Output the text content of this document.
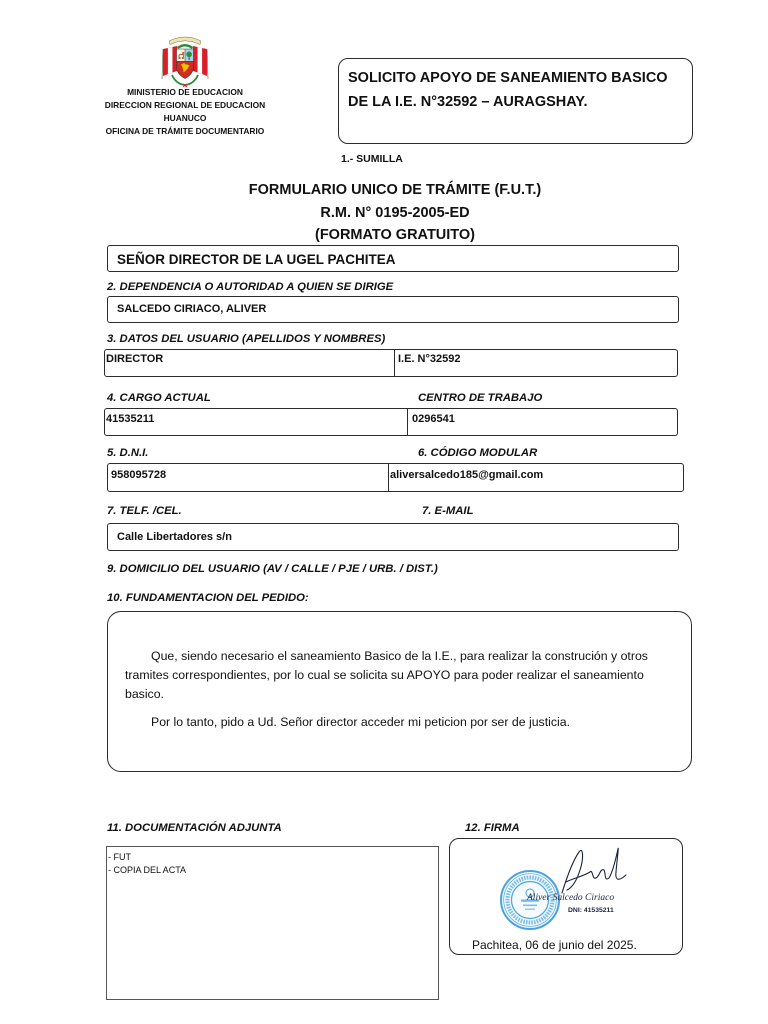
MINISTERIO DE EDUCACION
DIRECCION REGIONAL DE EDUCACION
HUANUCO
OFICINA DE TRÁMITE DOCUMENTARIO
SOLICITO APOYO DE SANEAMIENTO BASICO
DE LA I.E. N°32592 – AURAGSHAY.
1.- SUMILLA
FORMULARIO UNICO DE TRÁMITE (F.U.T.)
R.M. N° 0195-2005-ED
(FORMATO GRATUITO)
SEÑOR DIRECTOR DE LA UGEL PACHITEA
2. DEPENDENCIA O AUTORIDAD A QUIEN SE DIRIGE
SALCEDO CIRIACO, ALIVER
3. DATOS DEL USUARIO (APELLIDOS Y NOMBRES)
DIRECTOR	I.E. N°32592
4. CARGO ACTUAL	CENTRO DE TRABAJO
41535211	0296541
5. D.N.I.	6. CÓDIGO MODULAR
958095728	aliversalcedo185@gmail.com
7. TELF. /CEL.	7. E-MAIL
Calle Libertadores s/n
9. DOMICILIO DEL USUARIO (AV / CALLE / PJE / URB. / DIST.)
10. FUNDAMENTACION DEL PEDIDO:
Que, siendo necesario el saneamiento Basico de la I.E., para realizar la construción y otros
tramites correspondientes, por lo cual se solicita su APOYO para poder realizar el saneamiento
basico.
Por lo tanto, pido a Ud. Señor director acceder mi peticion por ser de justicia.
11. DOCUMENTACIÓN ADJUNTA	12. FIRMA
- FUT
- COPIA DEL ACTA
Aliver Salcedo Ciriaco
DNI: 41535211
Pachitea, 06 de junio del 2025.
